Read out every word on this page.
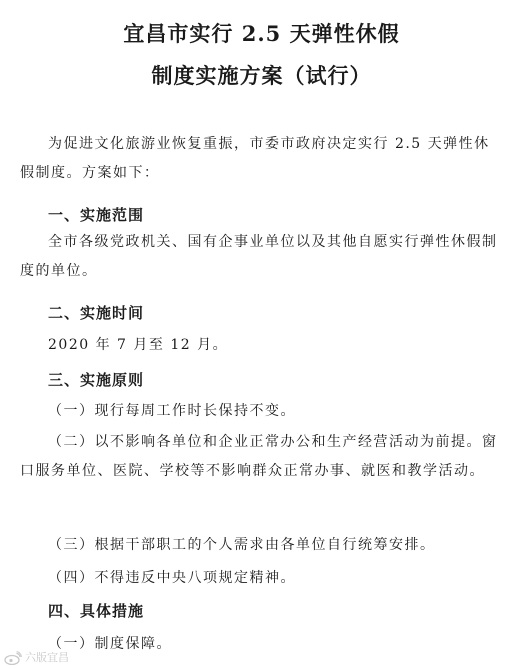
宜昌市实行 2.5 天弹性休假
制度实施方案（试行）
为促进文化旅游业恢复重振，市委市政府决定实行 2.5 天弹性休假制度。方案如下：
一、实施范围
全市各级党政机关、国有企事业单位以及其他自愿实行弹性休假制度的单位。
二、实施时间
2020 年 7 月至 12 月。
三、实施原则
（一）现行每周工作时长保持不变。
（二）以不影响各单位和企业正常办公和生产经营活动为前提。窗口服务单位、医院、学校等不影响群众正常办事、就医和教学活动。
（三）根据干部职工的个人需求由各单位自行统筹安排。
（四）不得违反中央八项规定精神。
四、具体措施
（一）制度保障。
六版宜昌
